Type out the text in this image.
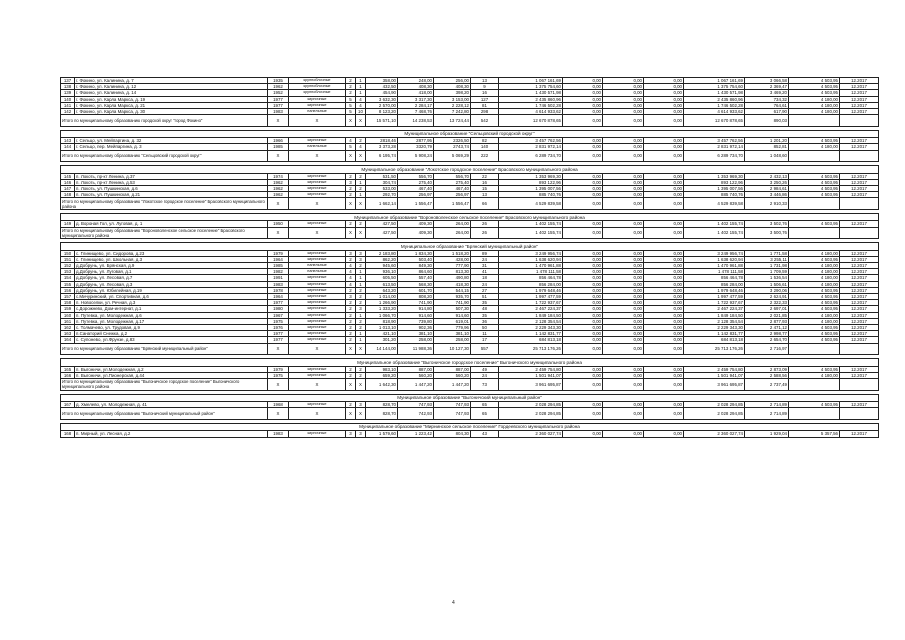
137	г. Фокино, ул. Калинина, д. 7	1935	крупноблочные	2	1	358,00	248,00	256,00	13	1 067 161,69	0,00	0,00	0,00	1 067 161,69	3 066,58	4 503,95	12.2017
138	г. Фокино, ул. Калинина, д. 12	1962	крупноблочные	2	1	432,50	408,30	408,30	9	1 375 754,60	0,00	0,00	0,00	1 375 754,60	2 369,47	4 503,95	12.2017
139	г. Фокино, ул. Калинина, д. 14	1952	крупноблочные	2	1	454,90	418,00	398,20	16	1 430 571,98	0,00	0,00	0,00	1 430 571,98	3 469,20	4 503,95	12.2017
140	г. Фокино, ул. Карла Маркса, д. 19	1977	кирпичные	5	4	3 632,30	3 317,30	3 153,00	127	2 435 860,96	0,00	0,00	0,00	2 435 860,96	734,32	4 180,00	12.2017
141	г. Фокино, ул. Карла Маркса, д. 21	1977	кирпичные	5	4	2 570,00	2 284,17	2 228,12	81	1 746 502,28	0,00	0,00	0,00	1 746 502,28	764,61	4 180,00	12.2017
142	г. Фокино, ул. Карла Маркса, д. 30	1983	панельные	5	10	8 123,20	7 468,76	7 242,80	298	4 614 933,62	0,00	0,00	0,00	4 614 933,62	617,90	4 180,00	12.2017
Итого по муниципальному образованию городской округ "город Фокино"		X	X	X	X	15 571,10	14 238,53	13 724,44	542	12 670 878,65	0,00	0,00	0,00	12 670 878,65	890,03		

Муниципальное образование "Сельцовский городской округ"																	
143	г. Сельцо, ул. Мейпаргина, д. 32	1966	кирпичные	4	2	2818,46	2877,95	2326,50	82	3 457 762,56	0,00	0,00	0,00	3 457 762,56	1 201,20	4 503,95	12.2017
144	г. Сельцо, пер. Мейпаргина, д. 3	1985	панельные	5	4	3 373,28	3320,79	2743,74	140	2 831 972,14	0,00	0,00	0,00	2 831 972,14	852,81	4 180,00	12.2017
Итого по муниципальному образованию "Сельцовский городской округ"		X	X	X	X	6 195,74	5 908,24	5 069,29	222	6 289 734,70	0,00	0,00	0,00	6 289 734,70	1 048,60		

Муниципальное образование "Локотское городское поселение" Брасовского муниципального района																	
145	п. Локоть, пр-кт Ленина, д.37	1974	кирпичные	2	2	531,50	556,70	556,70	22	1 353 969,30	0,00	0,00	0,00	1 353 969,30	2 432,13	4 503,95	12.2017
146	п. Локоть, пр-кт Ленина, д.53	1962	кирпичные	3	1	304,74	275,40	275,40	16	893 122,96	0,00	0,00	0,00	893 122,96	3 250,26	4 503,95	12.2017
147	п. Локоть, ул. Пушкинская, д.6	1962	кирпичные	2	2	533,00	467,40	467,40	15	1 395 007,56	0,00	0,00	0,00	1 395 007,56	2 984,61	4 503,95	12.2017
148	п. Локоть, ул. Пушкинская, д.21	1962	кирпичные	2	1	292,70	256,97	256,97	13	885 740,76	0,00	0,00	0,00	885 740,76	3 446,86	4 503,95	12.2017
Итого по муниципальному образованию "Локотское городское поселение" Брасовского муниципального района		X	X	X	X	1 662,14	1 556,47	1 556,47	66	4 529 839,58	0,00	0,00	0,00	4 529 839,58	2 910,33		

Муниципальное образование "Вороноволенское сельское поселение" Брасовского муниципального района																	
149	д. Вороная Гол, ул. Луговая, д. 1	1950	кирпичные	2	2	427,50	409,30	264,00	26	1 402 155,74	0,00	0,00	0,00	1 402 155,74	3 502,76	4 503,95	12.2017
Итого по муниципальному образованию "Вороноволенское сельское поселение" Брасовского муниципального района		X	X	X	X	427,50	409,30	264,00	26	1 402 155,74	0,00	0,00	0,00	1 402 155,74	3 500,76		

Муниципальное образование "Брянский муниципальный район"																	
150	с. Глинищево, ул. Сидорова, д.23	1979	кирпичные	3	3	2 183,80	1 834,30	1 518,20	89	3 249 956,74	0,00	0,00	0,00	3 249 956,74	1 771,58	4 180,00	12.2017
151	с. Глинищево, ул. Школьная, д.3	1964	кирпичные	2	3	862,20	503,40	428,00	24	1 638 620,94	0,00	0,00	0,00	1 638 620,94	3 255,11	4 503,95	12.2017
152	д.Добрунь, ул. Брянская, д.9	1985	панельные	4	2	945,60	849,30	777,90	31	1 470 961,88	0,00	0,00	0,00	1 470 961,88	1 731,98	4 180,00	12.2017
153	д.Добрунь, ул. Луговая, д.1	1982	панельные	4	1	936,10	864,60	813,30	41	1 478 111,58	0,00	0,00	0,00	1 478 111,58	1 709,59	4 180,00	12.2017
154	д.Добрунь, ул. Лесовая, д.7	1991	кирпичные	4	1	605,50	557,40	490,80	18	856 464,78	0,00	0,00	0,00	856 464,78	1 536,54	4 180,00	12.2017
155	д.Добрунь, ул. Лесовая, д.3	1983	кирпичные	4	1	613,50	568,30	418,30	24	856 284,00	0,00	0,00	0,00	856 284,00	1 506,61	4 180,00	12.2017
156	д.Добрунь, ул. Юбилейная, д.19	1978	кирпичные	2	2	643,20	601,70	544,15	27	1 979 648,46	0,00	0,00	0,00	1 979 648,46	3 290,06	4 503,95	12.2017
157	с.Мичуринский, ул. Спортивная, д.6	1964	кирпичные	3	2	1 014,00	808,20	935,70	51	1 997 477,59	0,00	0,00	0,00	1 997 477,59	2 624,91	4 503,95	12.2017
158	п. Новоселки, ул. Речная, д.3	1977	кирпичные	2	2	1 266,90	741,90	741,90	35	1 722 937,67	0,00	0,00	0,00	1 722 937,67	2 322,33	4 503,95	12.2017
159	с.Дорожнево, Дом-интернат, д.1	1980	кирпичные	2	3	1 333,20	914,80	507,30	48	2 467 224,37	0,00	0,00	0,00	2 467 224,37	2 697,01	4 503,95	12.2017
160	п. Путевка, ул. Молодежная, д.6	1967	кирпичные	2	1	1 066,70	914,60	914,60	35	1 849 184,50	0,00	0,00	0,00	1 849 184,50	2 021,85	4 180,00	12.2017
161	п. Путевка, ул. Молодежная, д.17	1975	кирпичные	2	2	818,90	739,80	619,01	36	2 128 354,54	0,00	0,00	0,00	2 128 354,54	2 877,93	4 180,00	12.2017
162	с. Толмачево, ул. Трудовая, д.9	1976	кирпичные	2	2	1 013,10	902,36	779,96	50	2 229 343,30	0,00	0,00	0,00	2 229 343,30	2 471,12	4 503,95	12.2017
163	п.Санаторий Снежка, д.2	1977	кирпичные	2	1	421,10	381,10	381,10	11	1 142 831,77	0,00	0,00	0,00	1 142 831,77	2 998,77	4 503,95	12.2017
164	с. Супонево, ул.Фрунзе, д.83	1977	кирпичные	2	1	301,20	258,00	258,00	17	684 813,18	0,00	0,00	0,00	684 813,18	2 654,70	4 503,95	12.2017
Итого по муниципальному образованию "Брянский муниципальный район"		X	X	X	X	14 144,00	11 988,36	10 127,30	557	25 713 176,26	0,00	0,00	0,00	25 713 176,26	2 716,97		

Муниципальное образование "Выгоничское городское поселение" Выгоничского муниципального района																	
165	п. Выгоничи, ул.Молодежная, д.2	1979	кирпичные	2	2	983,10	887,00	887,00	49	2 459 754,80	0,00	0,00	0,00	2 459 754,80	2 873,09	4 503,95	12.2017
166	п. Выгоничи, ул.Пионерская, д.44	1975	кирпичные	2	2	659,20	560,20	560,20	24	1 501 941,07	0,00	0,00	0,00	1 501 941,07	2 588,56	4 180,00	12.2017
Итого по муниципальному образованию "Выгоничское городское поселение" Выгоничского муниципального района		X	X	X	X	1 642,30	1 447,20	1 447,20	73	3 961 695,87	0,00	0,00	0,00	3 961 695,87	2 737,49		

Муниципальное образование "Выгоничский муниципальный район"																	
167	д. Хмелево, ул. Молодежная, д. 41	1968	кирпичные	2	3	828,70	747,93	747,93	65	2 028 294,85	0,00	0,00	0,00	2 028 294,85	2 714,89	4 503,95	12.2017
Итого по муниципальному образованию "Выгоничский муниципальный район"		X	X	X	X	828,70	742,93	747,93	65	2 028 294,85	0,00	0,00	0,00	2 028 294,85	2 714,89		

Муниципальное образование "Мирнинское сельское поселение" Гордеевского муниципального района																	
168	п. Мирный, ул. Лесная, д.2	1983	кирпичные	3	3	1 579,60	1 223,42	804,30	43	2 360 027,74	0,00	0,00	0,00	2 360 027,74	1 929,04	5 357,56	12.2017

4
